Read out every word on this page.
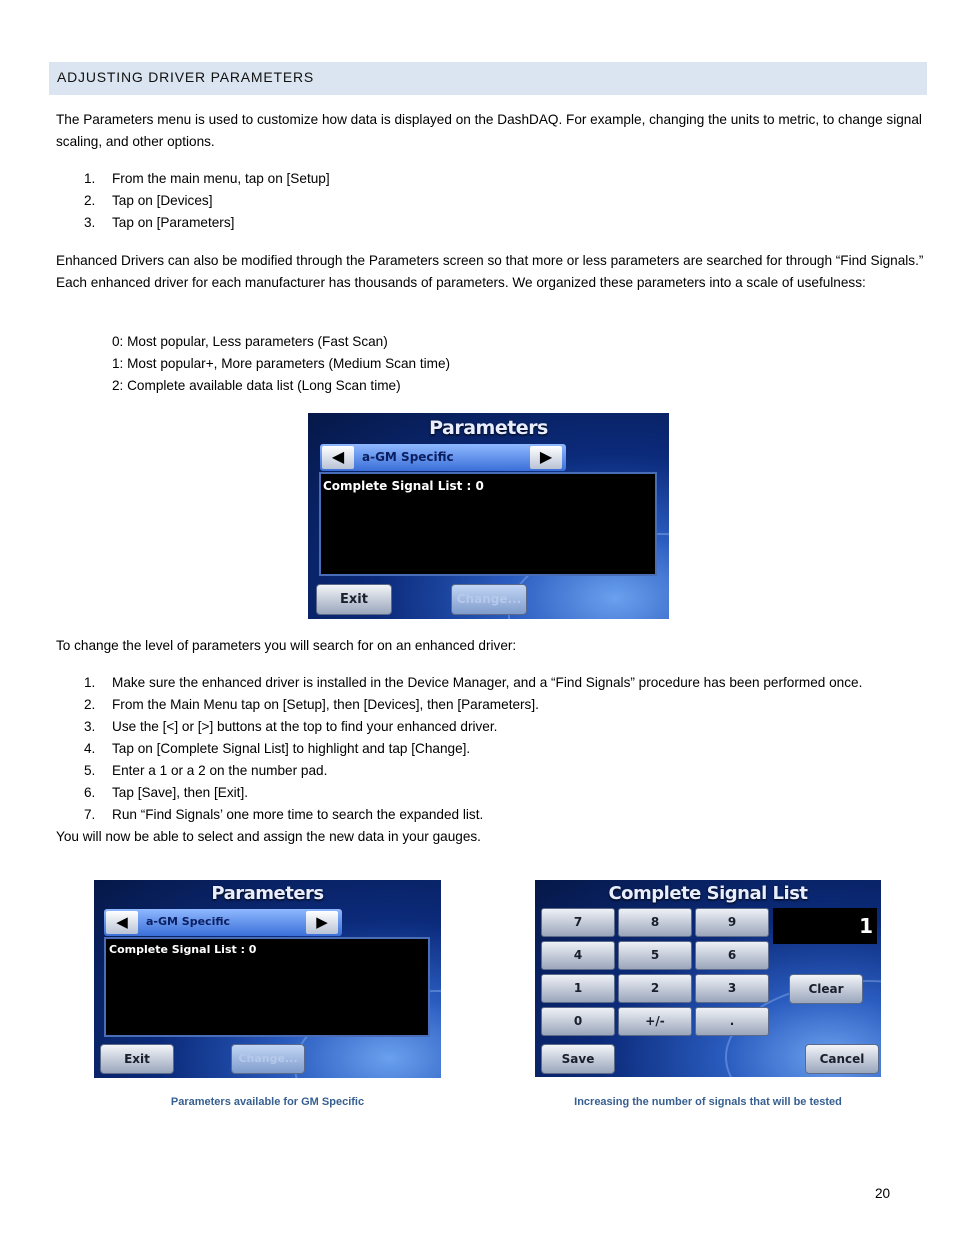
ADJUSTING DRIVER PARAMETERS
The Parameters menu is used to customize how data is displayed on the DashDAQ. For example, changing the units to metric, to change signal scaling, and other options.
1. From the main menu, tap on [Setup]
2. Tap on [Devices]
3. Tap on [Parameters]
Enhanced Drivers can also be modified through the Parameters screen so that more or less parameters are searched for through “Find Signals.” Each enhanced driver for each manufacturer has thousands of parameters. We organized these parameters into a scale of usefulness:
0: Most popular, Less parameters (Fast Scan)
1: Most popular+, More parameters (Medium Scan time)
2: Complete available data list (Long Scan time)
Parameters
◀	a-GM Specific	▶
Complete Signal List : 0
Exit	Change...
To change the level of parameters you will search for on an enhanced driver:
1. Make sure the enhanced driver is installed in the Device Manager, and a “Find Signals” procedure has been performed once.
2. From the Main Menu tap on [Setup], then [Devices], then [Parameters].
3. Use the [<] or [>] buttons at the top to find your enhanced driver.
4. Tap on [Complete Signal List] to highlight and tap [Change].
5. Enter a 1 or a 2 on the number pad.
6. Tap [Save], then [Exit].
7. Run “Find Signals’ one more time to search the expanded list.
You will now be able to select and assign the new data in your gauges.
Parameters
◀	a-GM Specific	▶
Complete Signal List : 0
Exit	Change...
Complete Signal List
7	8	9
4	5	6
1	2	3
0	+/-	.
1
Clear
Save	Cancel
Parameters available for GM Specific	Increasing the number of signals that will be tested
20
